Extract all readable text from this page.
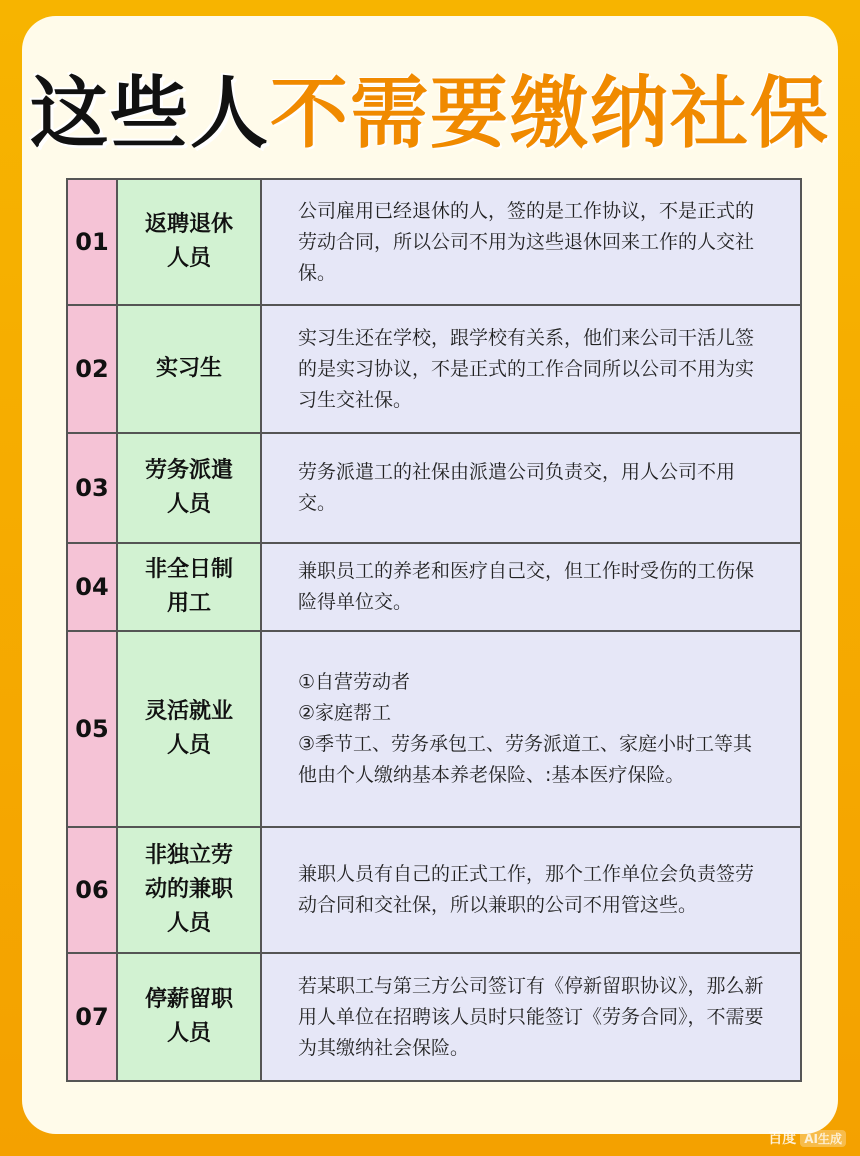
这些人不需要缴纳社保
01	返聘退休人员	公司雇用已经退休的人，签的是工作协议，不是正式的劳动合同，所以公司不用为这些退休回来工作的人交社保。

02	实习生	实习生还在学校，跟学校有关系，他们来公司干活儿签的是实习协议，不是正式的工作合同所以公司不用为实习生交社保。

03	劳务派遣人员	劳务派遣工的社保由派遣公司负责交，用人公司不用交。

04	非全日制用工	兼职员工的养老和医疗自己交，但工作时受伤的工伤保险得单位交。

05	灵活就业人员	①自营劳动者
②家庭帮工
③季节工、劳务承包工、劳务派道工、家庭小时工等其他由个人缴纳基本养老保险、:基本医疗保险。

06	非独立劳动的兼职人员	兼职人员有自己的正式工作，那个工作单位会负责签劳动合同和交社保，所以兼职的公司不用管这些。

07	停薪留职人员	若某职工与第三方公司签订有《停新留职协议》，那么新用人单位在招聘该人员时只能签订《劳务合同》，不需要为其缴纳社会保险。
百度 AI生成
